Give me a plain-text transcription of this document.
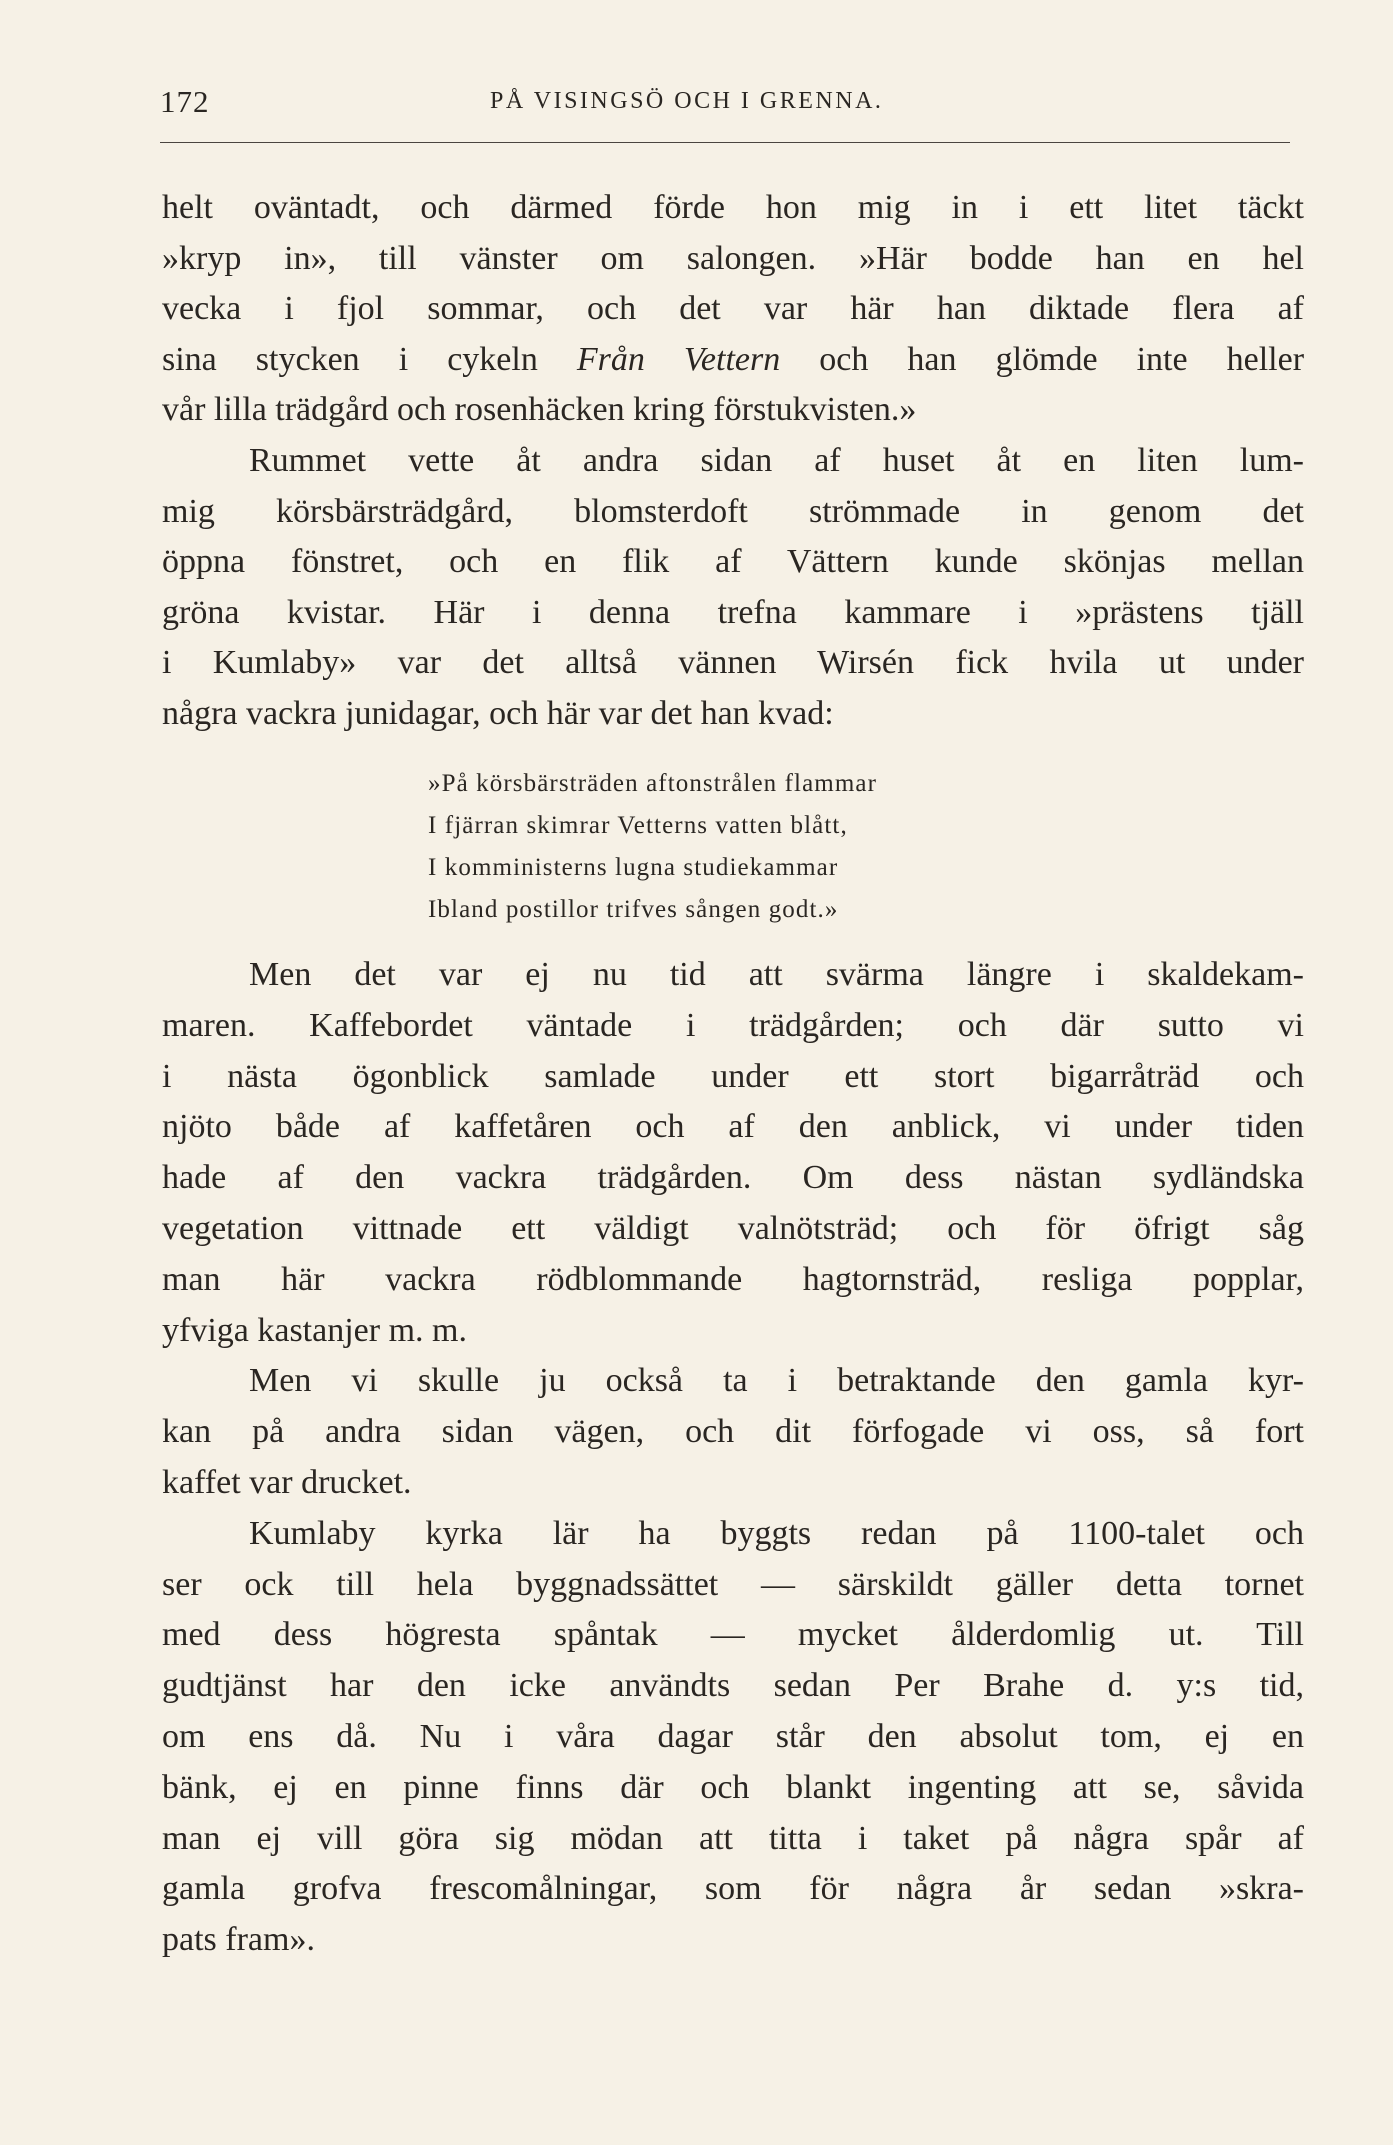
172	PÅ VISINGSÖ OCH I GRENNA.
helt oväntadt, och därmed förde hon mig in i ett litet täckt
»kryp in», till vänster om salongen. »Här bodde han en hel
vecka i fjol sommar, och det var här han diktade flera af
sina stycken i cykeln Från Vettern och han glömde inte heller
vår lilla trädgård och rosenhäcken kring förstukvisten.»
Rummet vette åt andra sidan af huset åt en liten lum-
mig körsbärsträdgård, blomsterdoft strömmade in genom det
öppna fönstret, och en flik af Vättern kunde skönjas mellan
gröna kvistar. Här i denna trefna kammare i »prästens tjäll
i Kumlaby» var det alltså vännen Wirsén fick hvila ut under
några vackra junidagar, och här var det han kvad:
»På körsbärsträden aftonstrålen flammar
I fjärran skimrar Vetterns vatten blått,
I komministerns lugna studiekammar
Ibland postillor trifves sången godt.»
Men det var ej nu tid att svärma längre i skaldekam-
maren. Kaffebordet väntade i trädgården; och där sutto vi
i nästa ögonblick samlade under ett stort bigarråträd och
njöto både af kaffetåren och af den anblick, vi under tiden
hade af den vackra trädgården. Om dess nästan sydländska
vegetation vittnade ett väldigt valnötsträd; och för öfrigt såg
man här vackra rödblommande hagtornsträd, resliga popplar,
yfviga kastanjer m. m.
Men vi skulle ju också ta i betraktande den gamla kyr-
kan på andra sidan vägen, och dit förfogade vi oss, så fort
kaffet var drucket.
Kumlaby kyrka lär ha byggts redan på 1100-talet och
ser ock till hela byggnadssättet — särskildt gäller detta tornet
med dess högresta spåntak — mycket ålderdomlig ut. Till
gudtjänst har den icke användts sedan Per Brahe d. y:s tid,
om ens då. Nu i våra dagar står den absolut tom, ej en
bänk, ej en pinne finns där och blankt ingenting att se, såvida
man ej vill göra sig mödan att titta i taket på några spår af
gamla grofva frescomålningar, som för några år sedan »skra-
pats fram».
